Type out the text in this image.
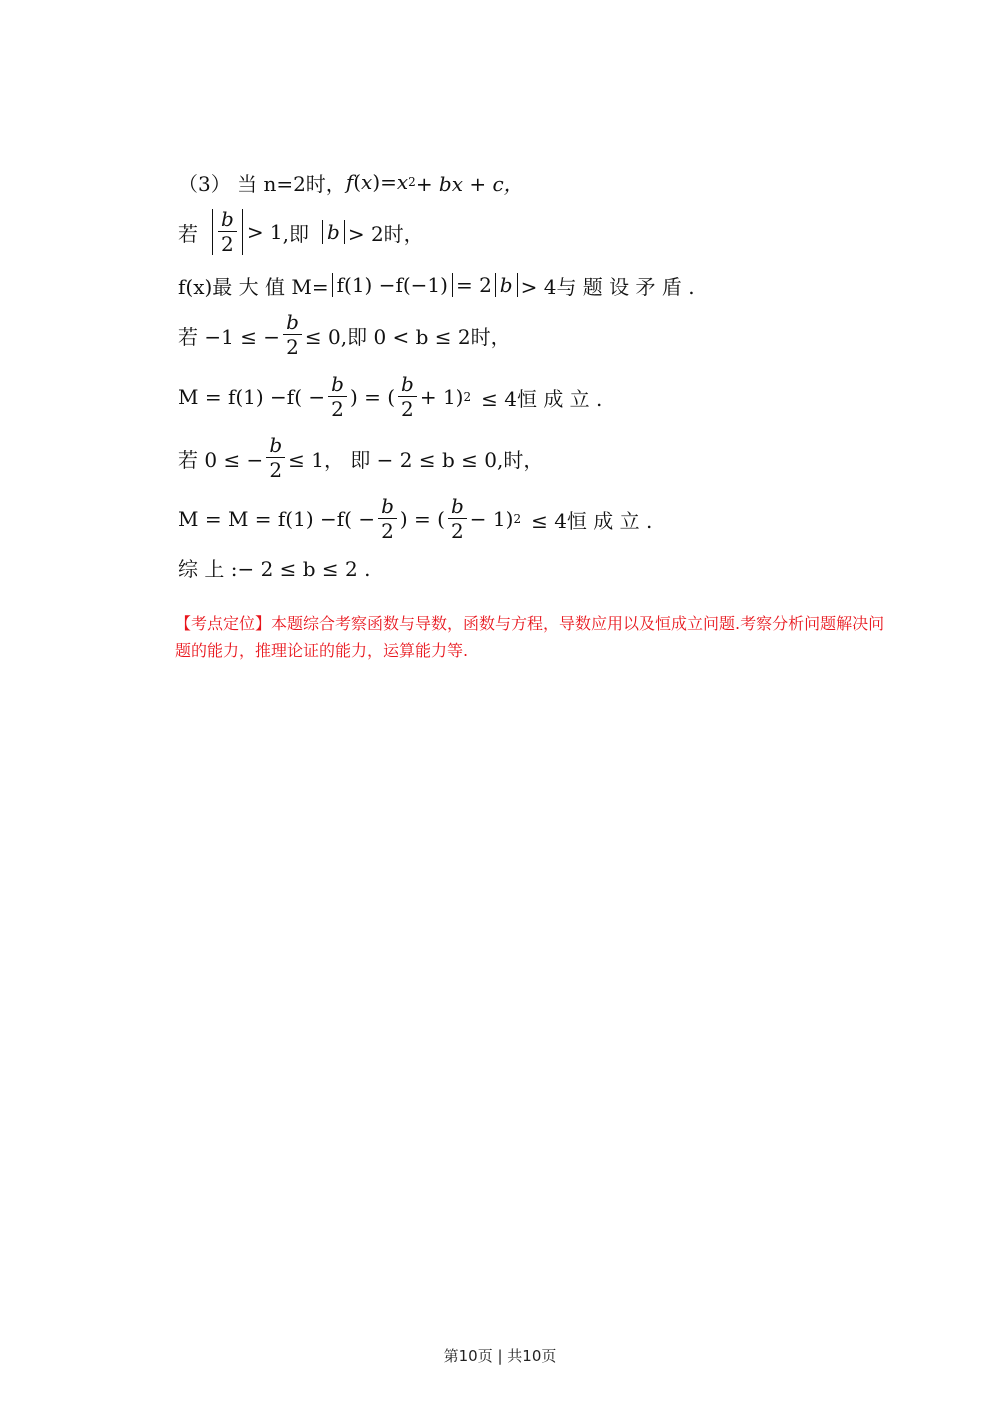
（3） 当 n=2时， f ( x ) = x 2 + bx + c，
若 $\frac{b}{2} > 1$ ,即 b > 2时，
f(x)最 大 值 M= f(1) −f(−1) = 2 b > 4与 题 设 矛 盾 .
若 −1 ≤ − $\frac{b}{2} \le 0$,即 0 < b ≤ 2时，
$M = f(1) -f( - \frac{b}{2}$ ) = ( $\frac{b}{2} + 1$) 2 ≤ 4恒 成 立 .
若 0 ≤ − $\frac{b}{2} \le 1$， 即 − 2 ≤ b ≤ 0,时，
$M = M = f(1) -f( - \frac{b}{2}$ ) = ( $\frac{b}{2} - 1$) 2 ≤ 4恒 成 立 .
综 上 :− 2 ≤ b ≤ 2 .
【考点定位】本题综合考察函数与导数，函数与方程，导数应用以及恒成立问题.考察分析问题解决问题的能力，推理论证的能力，运算能力等.
第10页 | 共10页
